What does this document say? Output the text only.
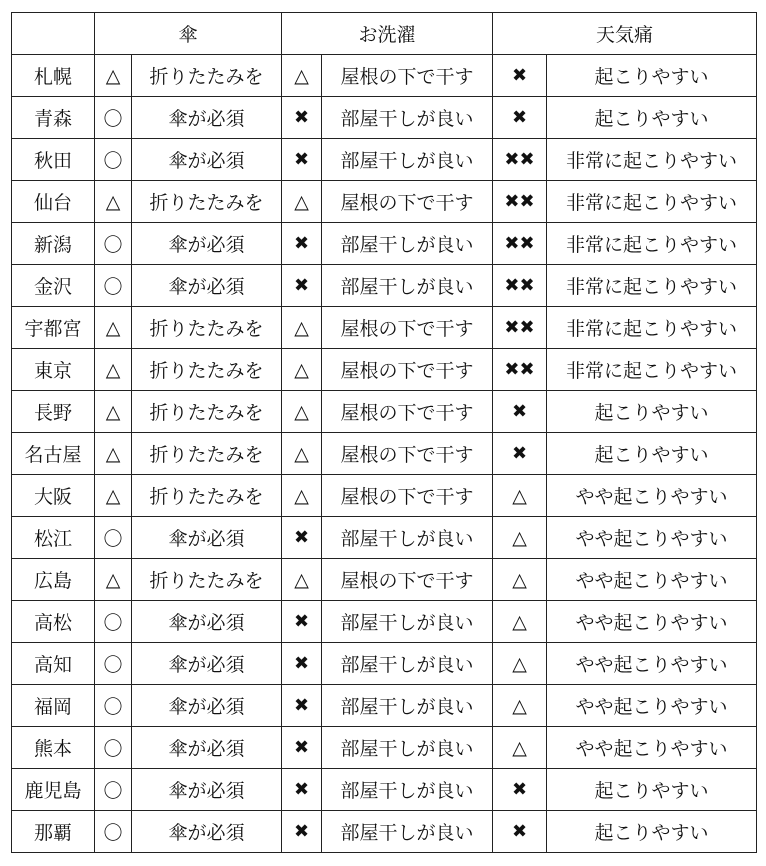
	傘		お洗濯		天気痛	
札幌	△	折りたたみを	△	屋根の下で干す	✖	起こりやすい
青森	〇	傘が必須	✖	部屋干しが良い	✖	起こりやすい
秋田	〇	傘が必須	✖	部屋干しが良い	✖✖	非常に起こりやすい
仙台	△	折りたたみを	△	屋根の下で干す	✖✖	非常に起こりやすい
新潟	〇	傘が必須	✖	部屋干しが良い	✖✖	非常に起こりやすい
金沢	〇	傘が必須	✖	部屋干しが良い	✖✖	非常に起こりやすい
宇都宮	△	折りたたみを	△	屋根の下で干す	✖✖	非常に起こりやすい
東京	△	折りたたみを	△	屋根の下で干す	✖✖	非常に起こりやすい
長野	△	折りたたみを	△	屋根の下で干す	✖	起こりやすい
名古屋	△	折りたたみを	△	屋根の下で干す	✖	起こりやすい
大阪	△	折りたたみを	△	屋根の下で干す	△	やや起こりやすい
松江	〇	傘が必須	✖	部屋干しが良い	△	やや起こりやすい
広島	△	折りたたみを	△	屋根の下で干す	△	やや起こりやすい
高松	〇	傘が必須	✖	部屋干しが良い	△	やや起こりやすい
高知	〇	傘が必須	✖	部屋干しが良い	△	やや起こりやすい
福岡	〇	傘が必須	✖	部屋干しが良い	△	やや起こりやすい
熊本	〇	傘が必須	✖	部屋干しが良い	△	やや起こりやすい
鹿児島	〇	傘が必須	✖	部屋干しが良い	✖	起こりやすい
那覇	〇	傘が必須	✖	部屋干しが良い	✖	起こりやすい
